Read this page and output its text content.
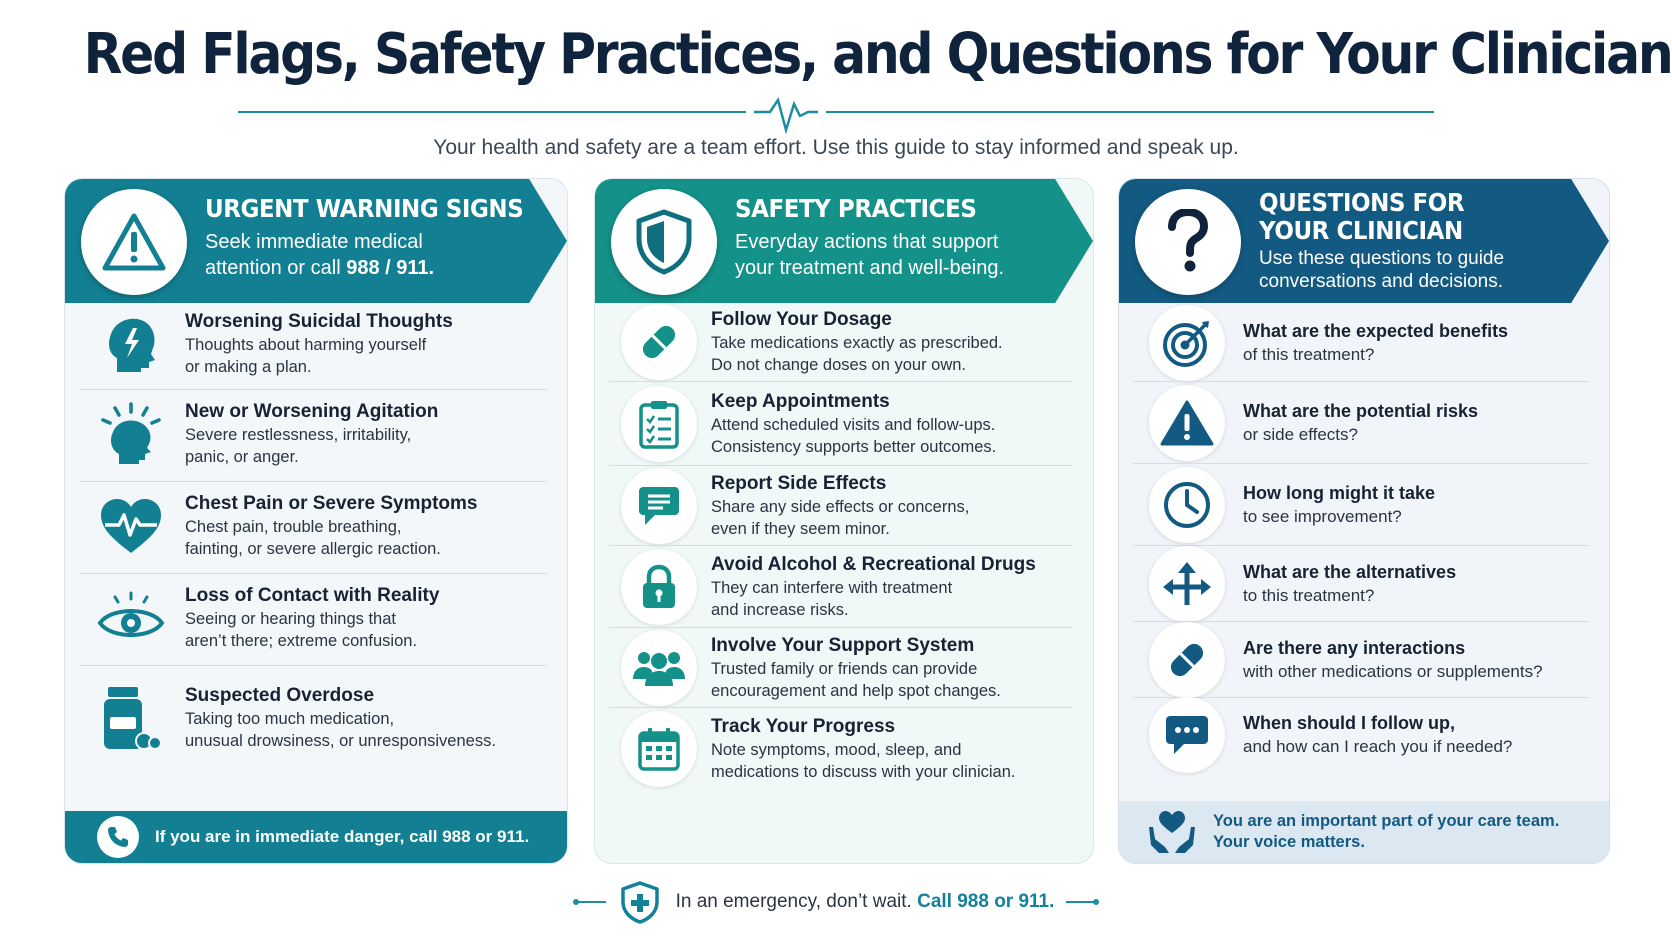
Red Flags, Safety Practices, and Questions for Your Clinician
Your health and safety are a team effort. Use this guide to stay informed and speak up.
URGENT WARNING SIGNS
Seek immediate medical
attention or call 988 / 911.
Worsening Suicidal Thoughts
Thoughts about harming yourself
or making a plan.
New or Worsening Agitation
Severe restlessness, irritability,
panic, or anger.
Chest Pain or Severe Symptoms
Chest pain, trouble breathing,
fainting, or severe allergic reaction.
Loss of Contact with Reality
Seeing or hearing things that
aren’t there; extreme confusion.
Suspected Overdose
Taking too much medication,
unusual drowsiness, or unresponsiveness.
If you are in immediate danger, call 988 or 911.
SAFETY PRACTICES
Everyday actions that support
your treatment and well-being.
Follow Your Dosage
Take medications exactly as prescribed.
Do not change doses on your own.
Keep Appointments
Attend scheduled visits and follow-ups.
Consistency supports better outcomes.
Report Side Effects
Share any side effects or concerns,
even if they seem minor.
Avoid Alcohol & Recreational Drugs
They can interfere with treatment
and increase risks.
Involve Your Support System
Trusted family or friends can provide
encouragement and help spot changes.
Track Your Progress
Note symptoms, mood, sleep, and
medications to discuss with your clinician.
QUESTIONS FOR
YOUR CLINICIAN
Use these questions to guide
conversations and decisions.
What are the expected benefits
of this treatment?
What are the potential risks
or side effects?
How long might it take
to see improvement?
What are the alternatives
to this treatment?
Are there any interactions
with other medications or supplements?
When should I follow up,
and how can I reach you if needed?
You are an important part of your care team.
Your voice matters.
In an emergency, don’t wait. Call 988 or 911.
